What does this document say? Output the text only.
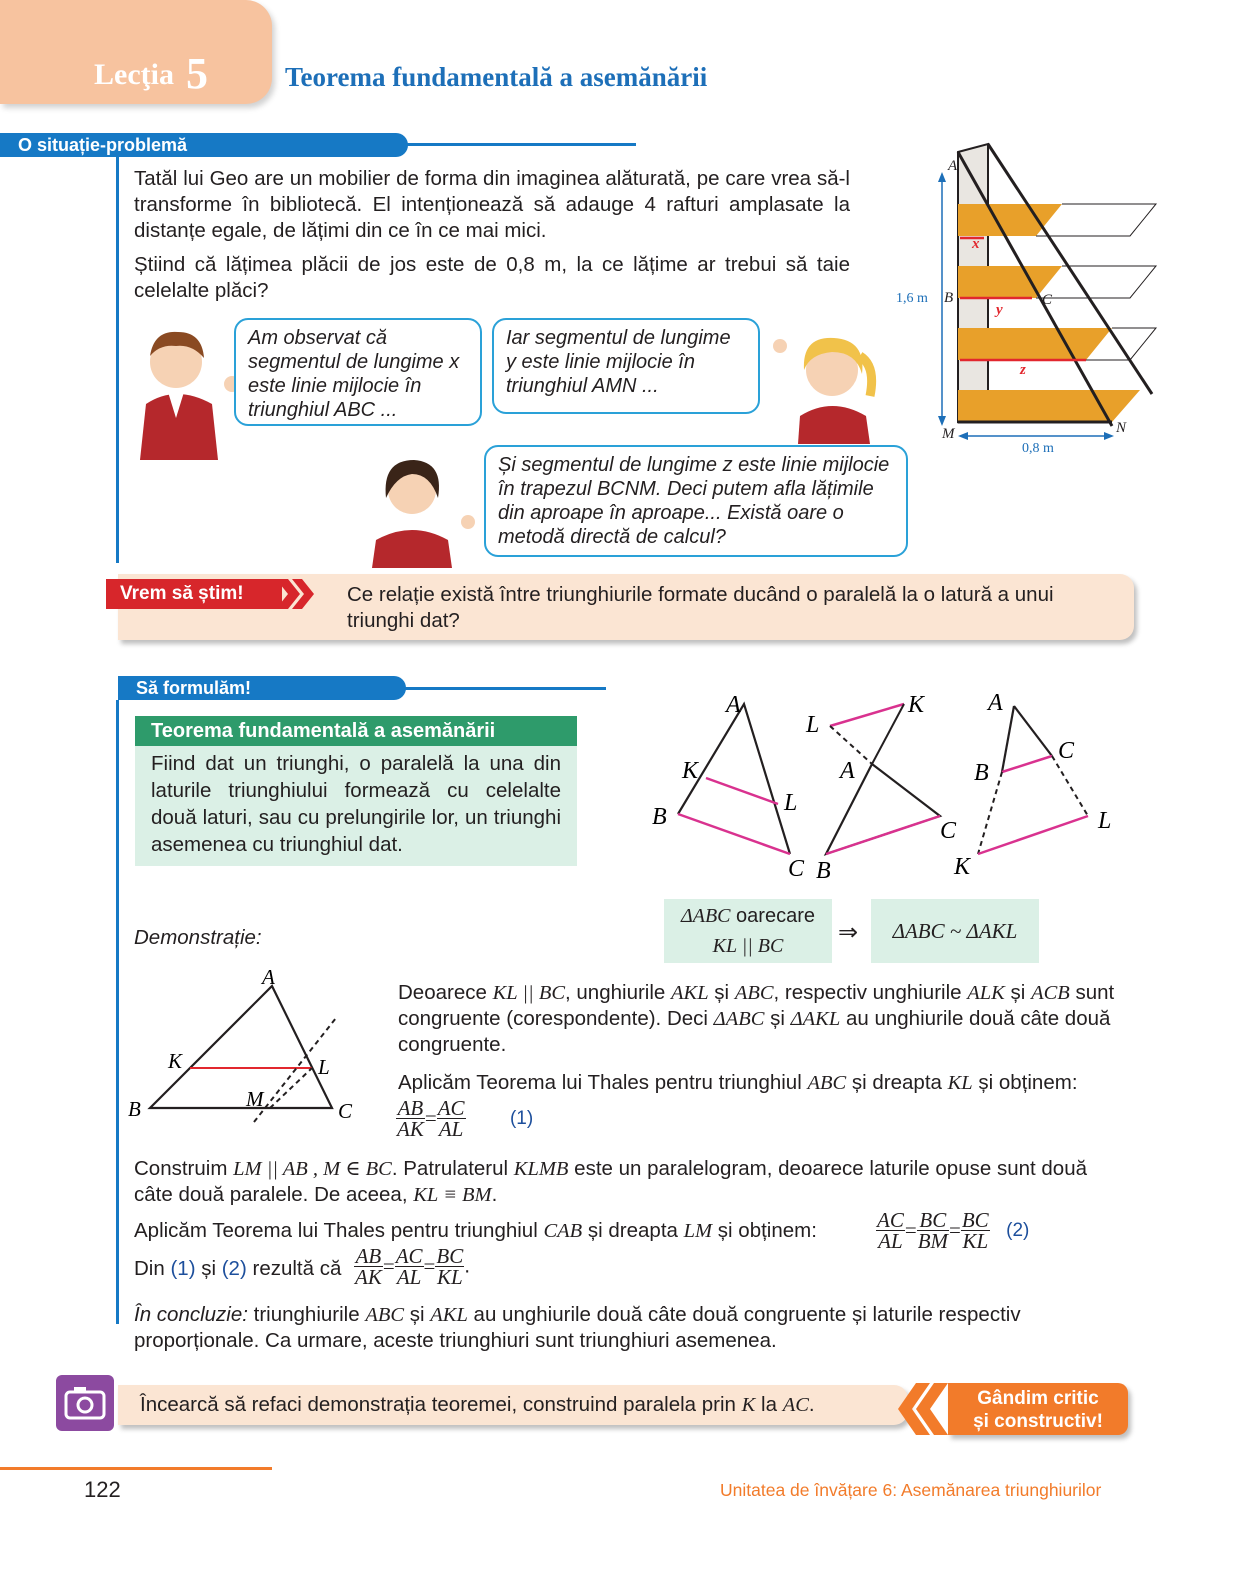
Lecţia 5	Teorema fundamentală a asemănării
O situație-problemă
Tatăl lui Geo are un mobilier de forma din imaginea alăturată, pe care vrea să-l transforme în bibliotecă. El intenționează să adauge 4 rafturi amplasate la distanțe egale, de lățimi din ce în ce mai mici.
Știind că lățimea plăcii de jos este de 0,8 m, la ce lățime ar trebui să taie celelalte plăci?
Am observat că segmentul de lungime x este linie mijlocie în triunghiul ABC ...
Iar segmentul de lungime y este linie mijlocie în triunghiul AMN ...
Și segmentul de lungime z este linie mijlocie în trapezul BCNM. Deci putem afla lățimile din aproape în aproape... Există oare o metodă directă de calcul?
A
B	C
M	N
x
y
z
1,6 m
0,8 m
Vrem să știm!	Ce relație există între triunghiurile formate ducând o paralelă la o latură a unui triunghi dat?
Să formulăm!
Teorema fundamentală a asemănării
Fiind dat un triunghi, o paralelă la una din laturile triunghiului formează cu celelalte două laturi, sau cu prelungirile lor, un triunghi asemenea cu triunghiul dat.
A
K
L
B
C
L
K
A
C
B
A
C
B
L
K
ΔABC oarecare
KL || BC	⇒	ΔABC ~ ΔAKL
Demonstrație:
A
K	L
M
B	C
Deoarece KL || BC, unghiurile AKL și ABC, respectiv unghiurile ALK și ACB sunt congruente (corespondente). Deci ΔABC și ΔAKL au unghiurile două câte două congruente.
Aplicăm Teorema lui Thales pentru triunghiul ABC și dreapta KL și obținem:
$\frac{AB}{AK} = \frac{AC}{AL} (1)$
Construim LM || AB , M ∈ BC. Patrulaterul KLMB este un paralelogram, deoarece laturile opuse sunt două câte două paralele. De aceea, KL ≡ BM.
Aplicăm Teorema lui Thales pentru triunghiul CAB și dreapta LM și obținem:	$\frac{AC}{AL} = \frac{BC}{BM} = \frac{BC}{KL} (2)$
Din (1) și (2) rezultă că $\frac{AB}{AK} = \frac{AC}{AL} = \frac{BC}{KL}$ .
În concluzie: triunghiurile ABC și AKL au unghiurile două câte două congruente și laturile respectiv proporționale. Ca urmare, aceste triunghiuri sunt triunghiuri asemenea.
Încearcă să refaci demonstrația teoremei, construind paralela prin K la AC.	Gândim critic
și constructiv!
122	Unitatea de învățare 6: Asemănarea triunghiurilor
